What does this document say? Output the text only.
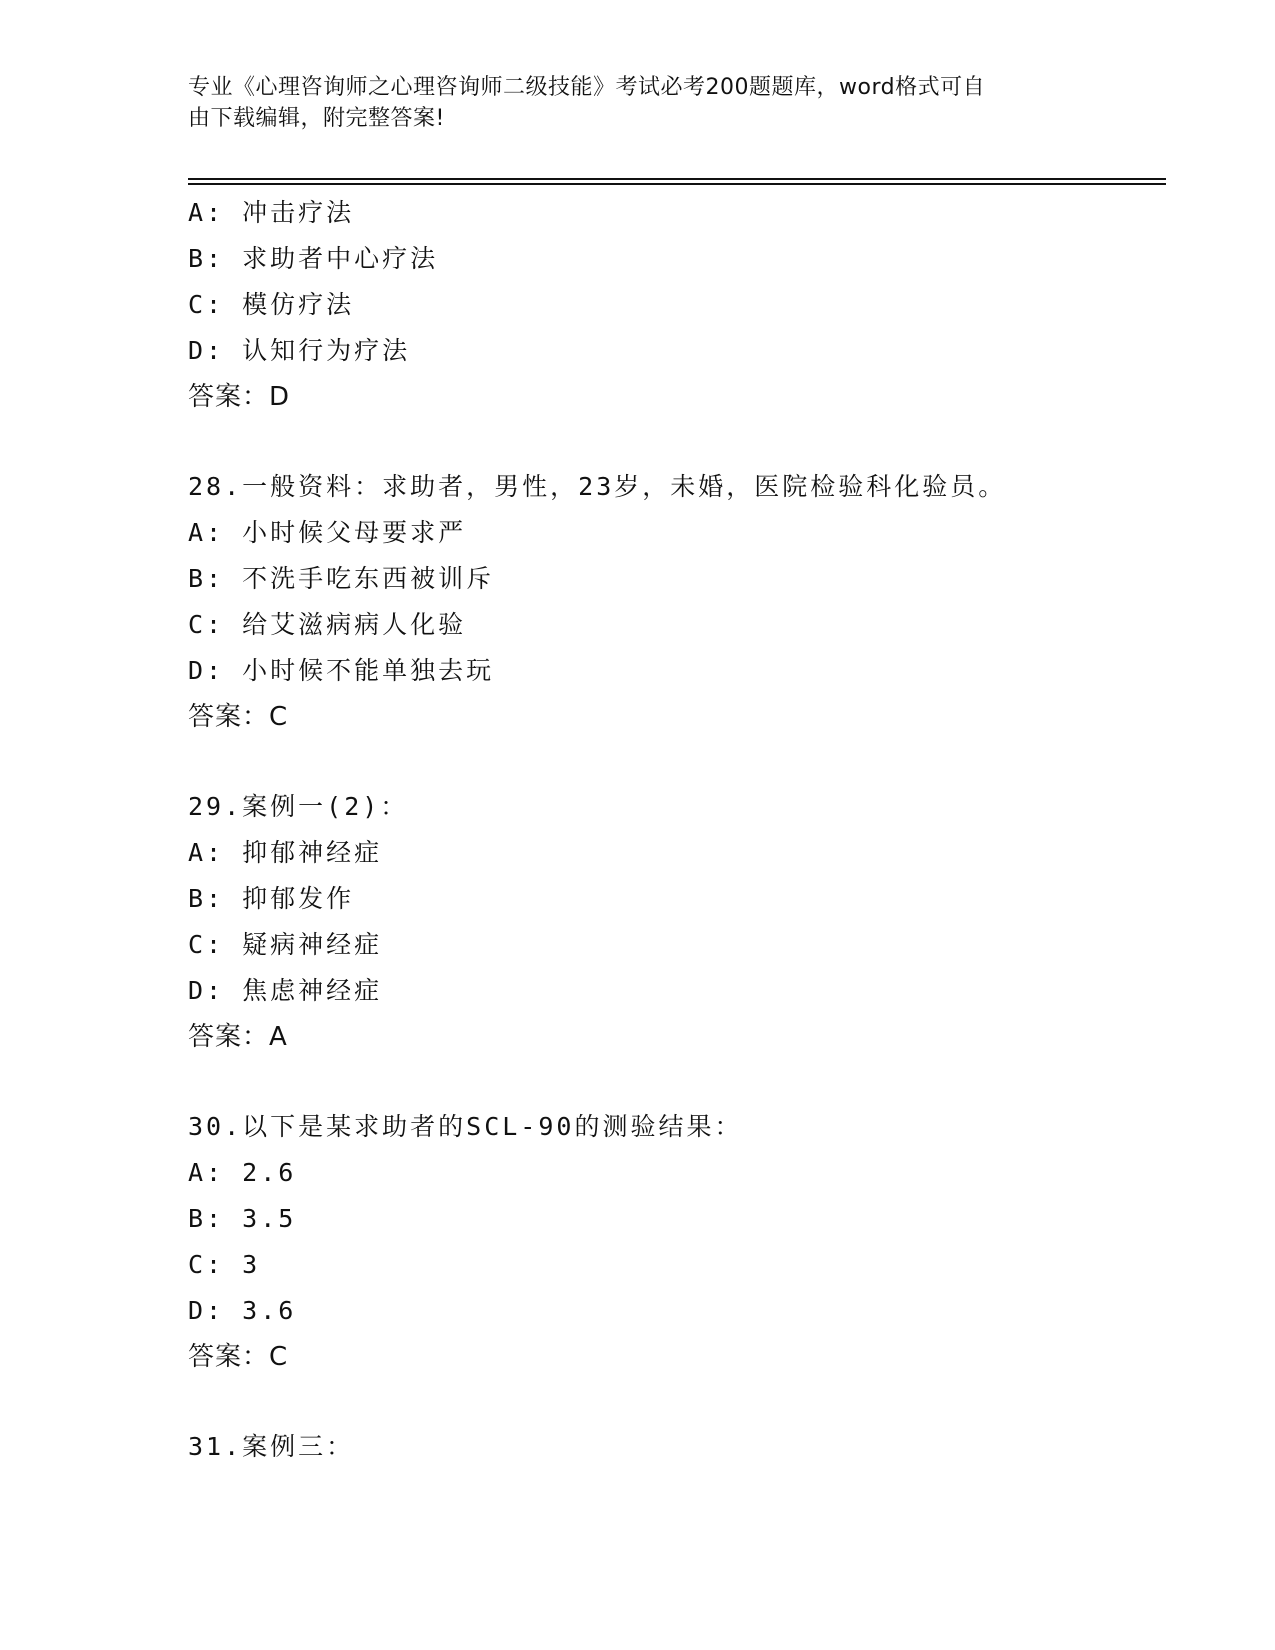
专业《心理咨询师之心理咨询师二级技能》考试必考200题题库，word格式可自
由下载编辑，附完整答案!
A: 冲击疗法
B: 求助者中心疗法
C: 模仿疗法
D: 认知行为疗法
答案：D
28.一般资料：求助者，男性，23岁，未婚，医院检验科化验员。
A: 小时候父母要求严
B: 不洗手吃东西被训斥
C: 给艾滋病病人化验
D: 小时候不能单独去玩
答案：C
29.案例一(2)：
A: 抑郁神经症
B: 抑郁发作
C: 疑病神经症
D: 焦虑神经症
答案：A
30.以下是某求助者的SCL-90的测验结果：
A: 2.6
B: 3.5
C: 3
D: 3.6
答案：C
31.案例三：
